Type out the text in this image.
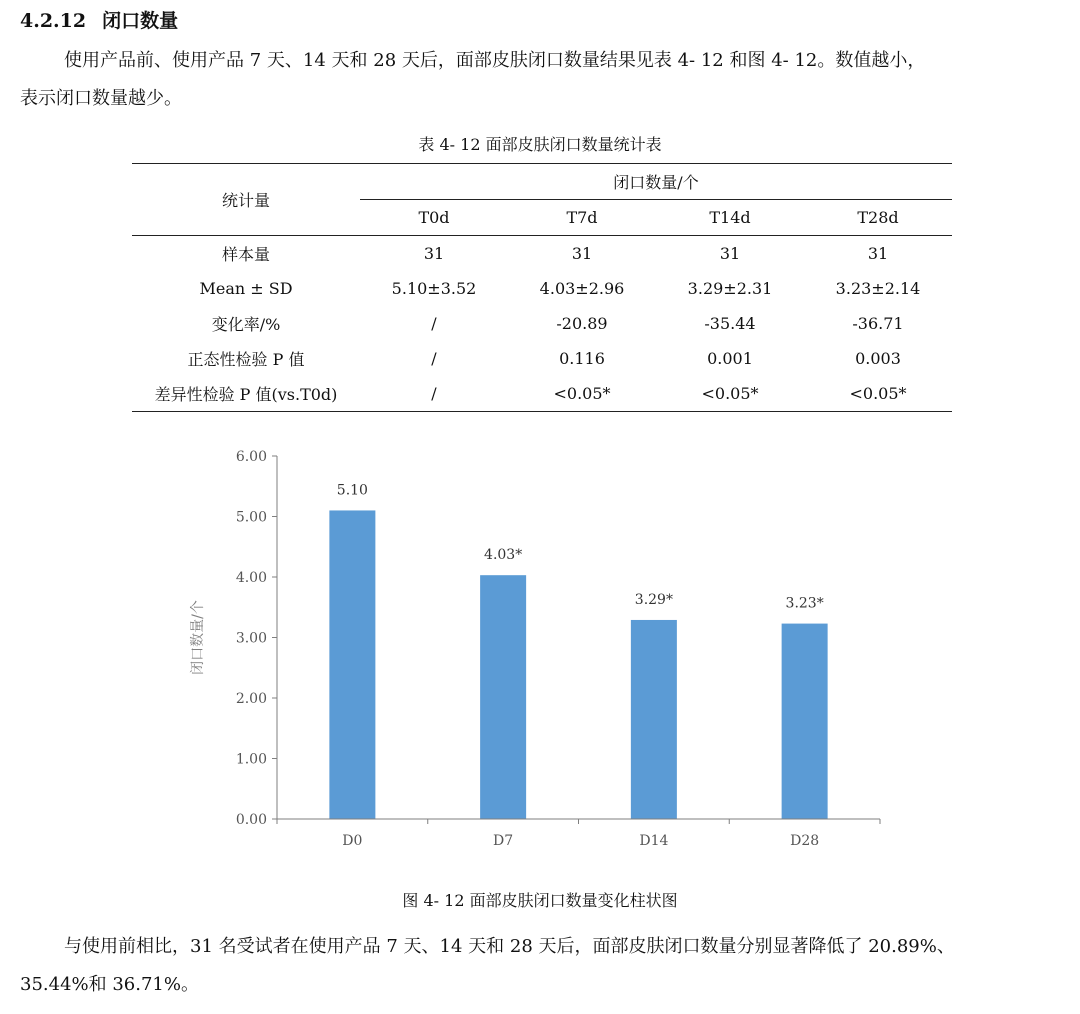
4.2.12 闭口数量

使用产品前、使用产品 7 天、14 天和 28 天后，面部皮肤闭口数量结果见表 4- 12 和图 4- 12。数值越小，

表示闭口数量越少。

表 4- 12 面部皮肤闭口数量统计表
统计量	闭口数量/个			
	T0d	T7d	T14d	T28d
样本量	31	31	31	31
Mean ± SD	5.10±3.52	4.03±2.96	3.29±2.31	3.23±2.14
变化率/%	/	-20.89	-35.44	-36.71
正态性检验 P 值	/	0.116	0.001	0.003
差异性检验 P 值(vs.T0d)	/	<0.05*	<0.05*	<0.05*
0.00
1.00
2.00
3.00
4.00
5.00
6.00
5.10
4.03*
3.29*	3.23*
D0	D7	D14	D28
闭口数量/个
图 4- 12 面部皮肤闭口数量变化柱状图

与使用前相比，31 名受试者在使用产品 7 天、14 天和 28 天后，面部皮肤闭口数量分别显著降低了 20.89%、

35.44%和 36.71%。
